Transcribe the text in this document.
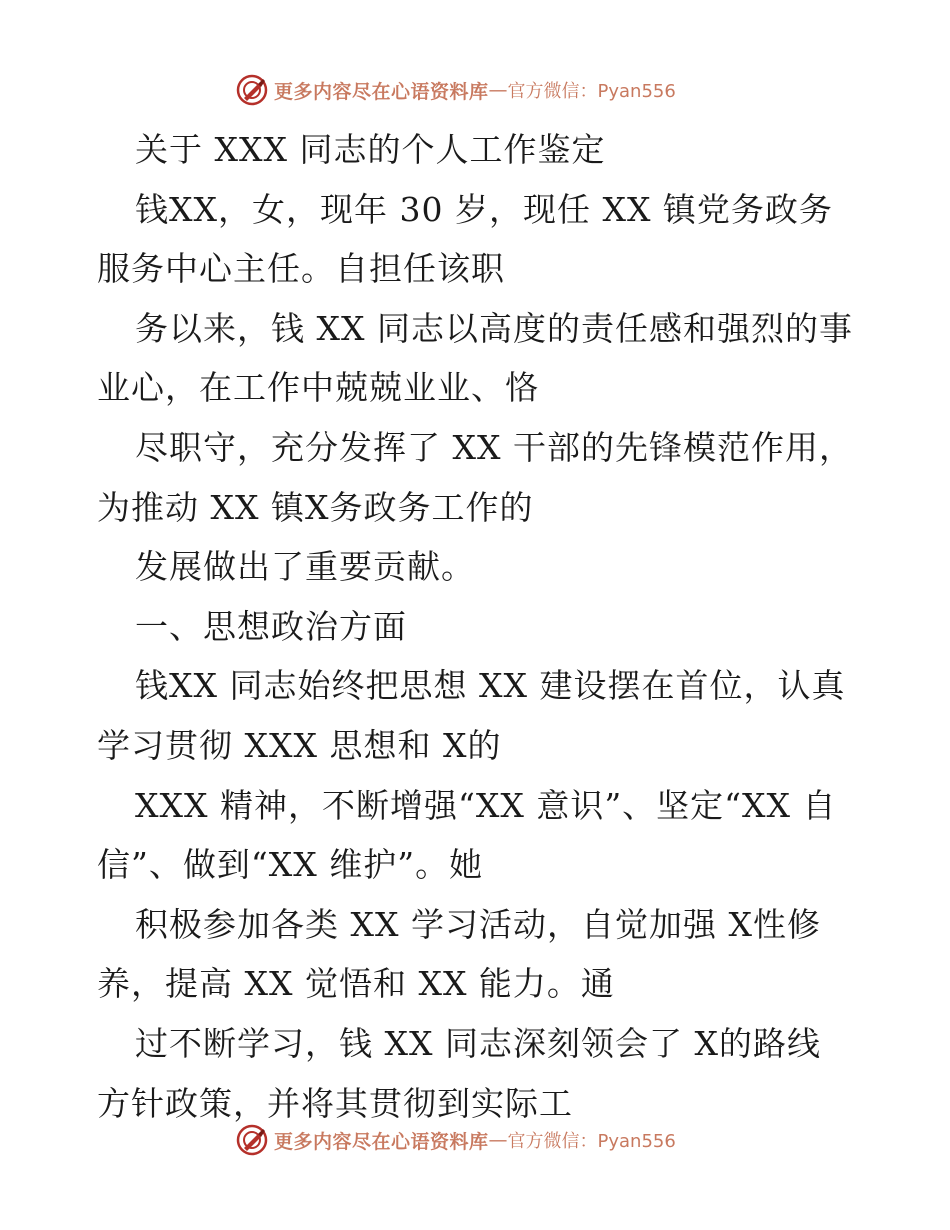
更多内容尽在心语资料库 — 官方微信：Pyan556
关于 XXX 同志的个人工作鉴定
钱XX，女，现年 30 岁，现任 XX 镇党务政务
服务中心主任。自担任该职
务以来，钱 XX 同志以高度的责任感和强烈的事
业心，在工作中兢兢业业、恪
尽职守，充分发挥了 XX 干部的先锋模范作用，
为推动 XX 镇X务政务工作的
发展做出了重要贡献。
一、思想政治方面
钱XX 同志始终把思想 XX 建设摆在首位，认真
学习贯彻 XXX 思想和 X的
XXX 精神，不断增强“XX 意识”、坚定“XX 自
信”、做到“XX 维护”。她
积极参加各类 XX 学习活动，自觉加强 X性修
养，提高 XX 觉悟和 XX 能力。通
过不断学习，钱 XX 同志深刻领会了 X的路线
方针政策，并将其贯彻到实际工
更多内容尽在心语资料库 — 官方微信：Pyan556
